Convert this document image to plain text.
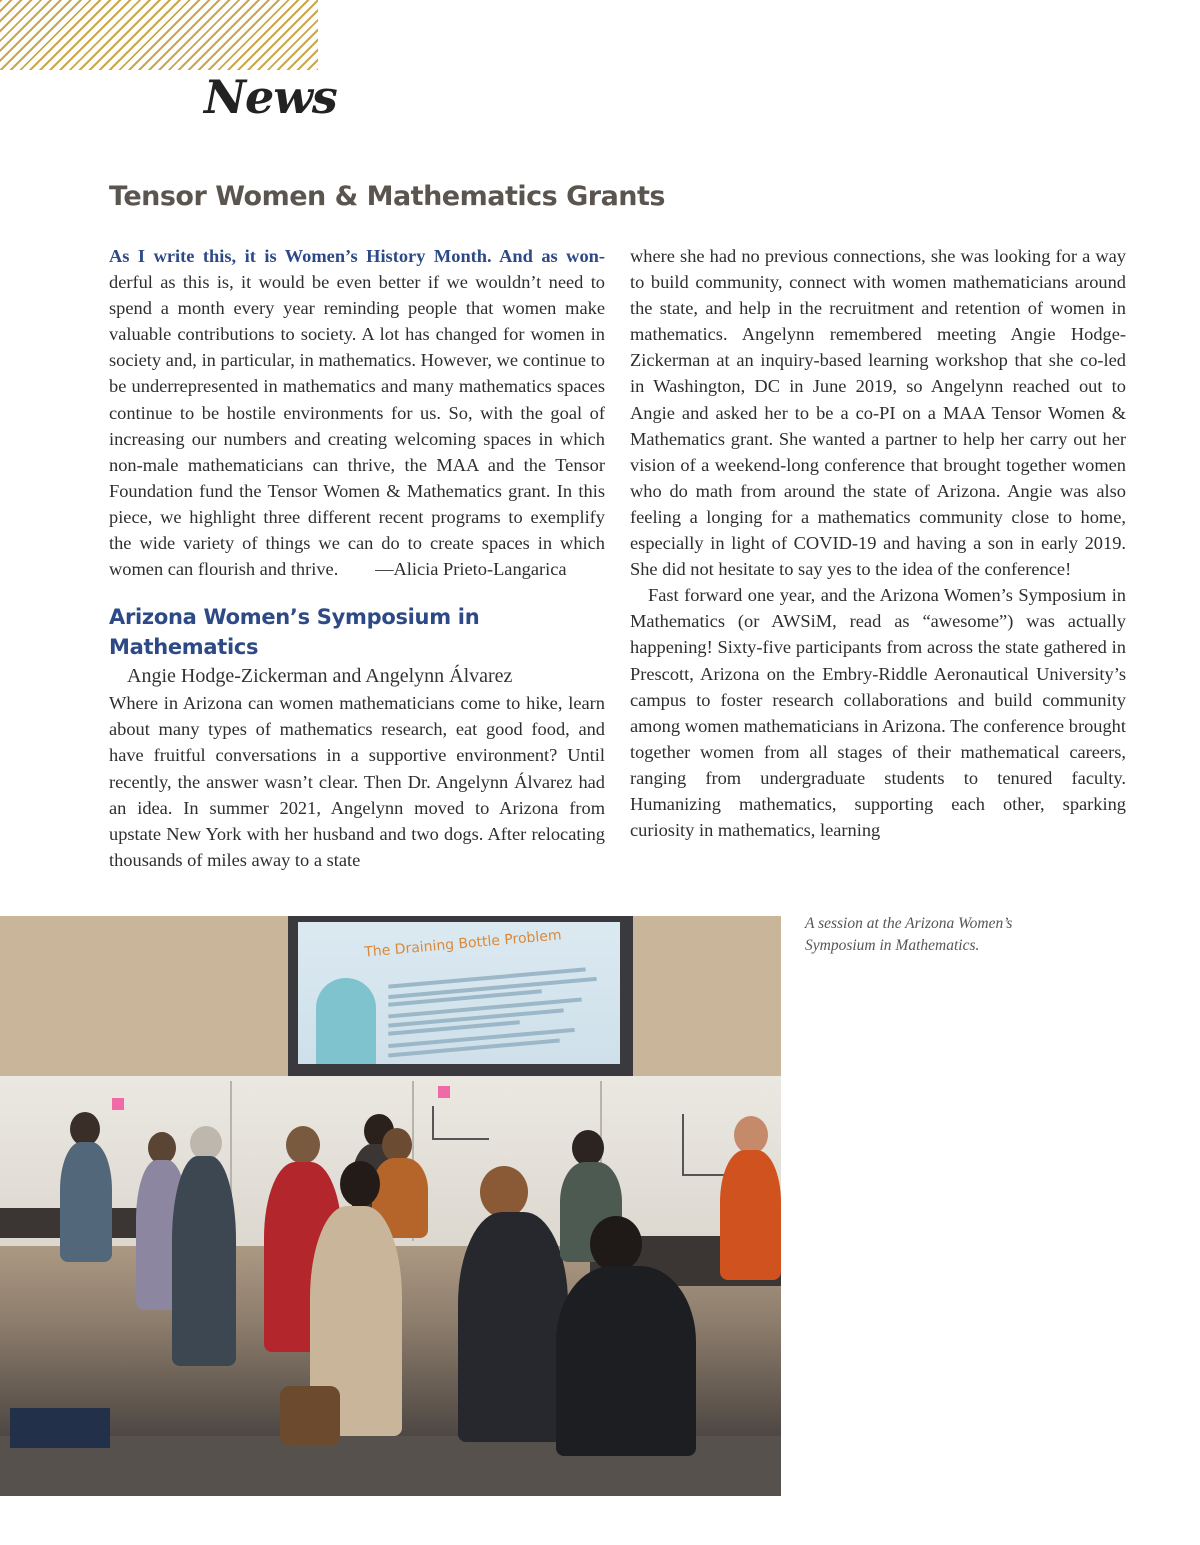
News
Tensor Women & Mathematics Grants

As I write this, it is Women’s History Month. And as won-derful as this is, it would be even better if we wouldn’t need to spend a month every year reminding people that women make valuable contributions to society. A lot has changed for women in society and, in particular, in mathematics. However, we continue to be underrepresented in mathematics and many mathematics spaces continue to be hostile environments for us. So, with the goal of increasing our numbers and creating welcoming spaces in which non-male mathematicians can thrive, the MAA and the Tensor Foundation fund the Tensor Women & Mathematics grant. In this piece, we highlight three different recent programs to exemplify the wide variety of things we can do to create spaces in which women can flourish and thrive. —Alicia Prieto-Langarica

Arizona Women’s Symposium in Mathematics

Angie Hodge-Zickerman and Angelynn Álvarez

Where in Arizona can women mathematicians come to hike, learn about many types of mathematics research, eat good food, and have fruitful conversations in a supportive environment? Until recently, the answer wasn’t clear. Then Dr. Angelynn Álvarez had an idea. In summer 2021, Angelynn moved to Arizona from upstate New York with her husband and two dogs. After relocating thousands of miles away to a state

where she had no previous connections, she was looking for a way to build community, connect with women mathematicians around the state, and help in the recruitment and retention of women in mathematics. Angelynn remembered meeting Angie Hodge-Zickerman at an inquiry-based learning workshop that she co-led in Washington, DC in June 2019, so Angelynn reached out to Angie and asked her to be a co-PI on a MAA Tensor Women & Mathematics grant. She wanted a partner to help her carry out her vision of a weekend-long conference that brought together women who do math from around the state of Arizona. Angie was also feeling a longing for a mathematics community close to home, especially in light of COVID-19 and having a son in early 2019. She did not hesitate to say yes to the idea of the conference!

Fast forward one year, and the Arizona Women’s Symposium in Mathematics (or AWSiM, read as “awesome”) was actually happening! Sixty-five participants from across the state gathered in Prescott, Arizona on the Embry-Riddle Aeronautical University’s campus to foster research collaborations and build community among women mathematicians in Arizona. The conference brought together women from all stages of their mathematical careers, ranging from undergraduate students to tenured faculty. Humanizing mathematics, supporting each other, sparking curiosity in mathematics, learning

The Draining Bottle Problem

A session at the Arizona Women’s Symposium in Mathematics.
